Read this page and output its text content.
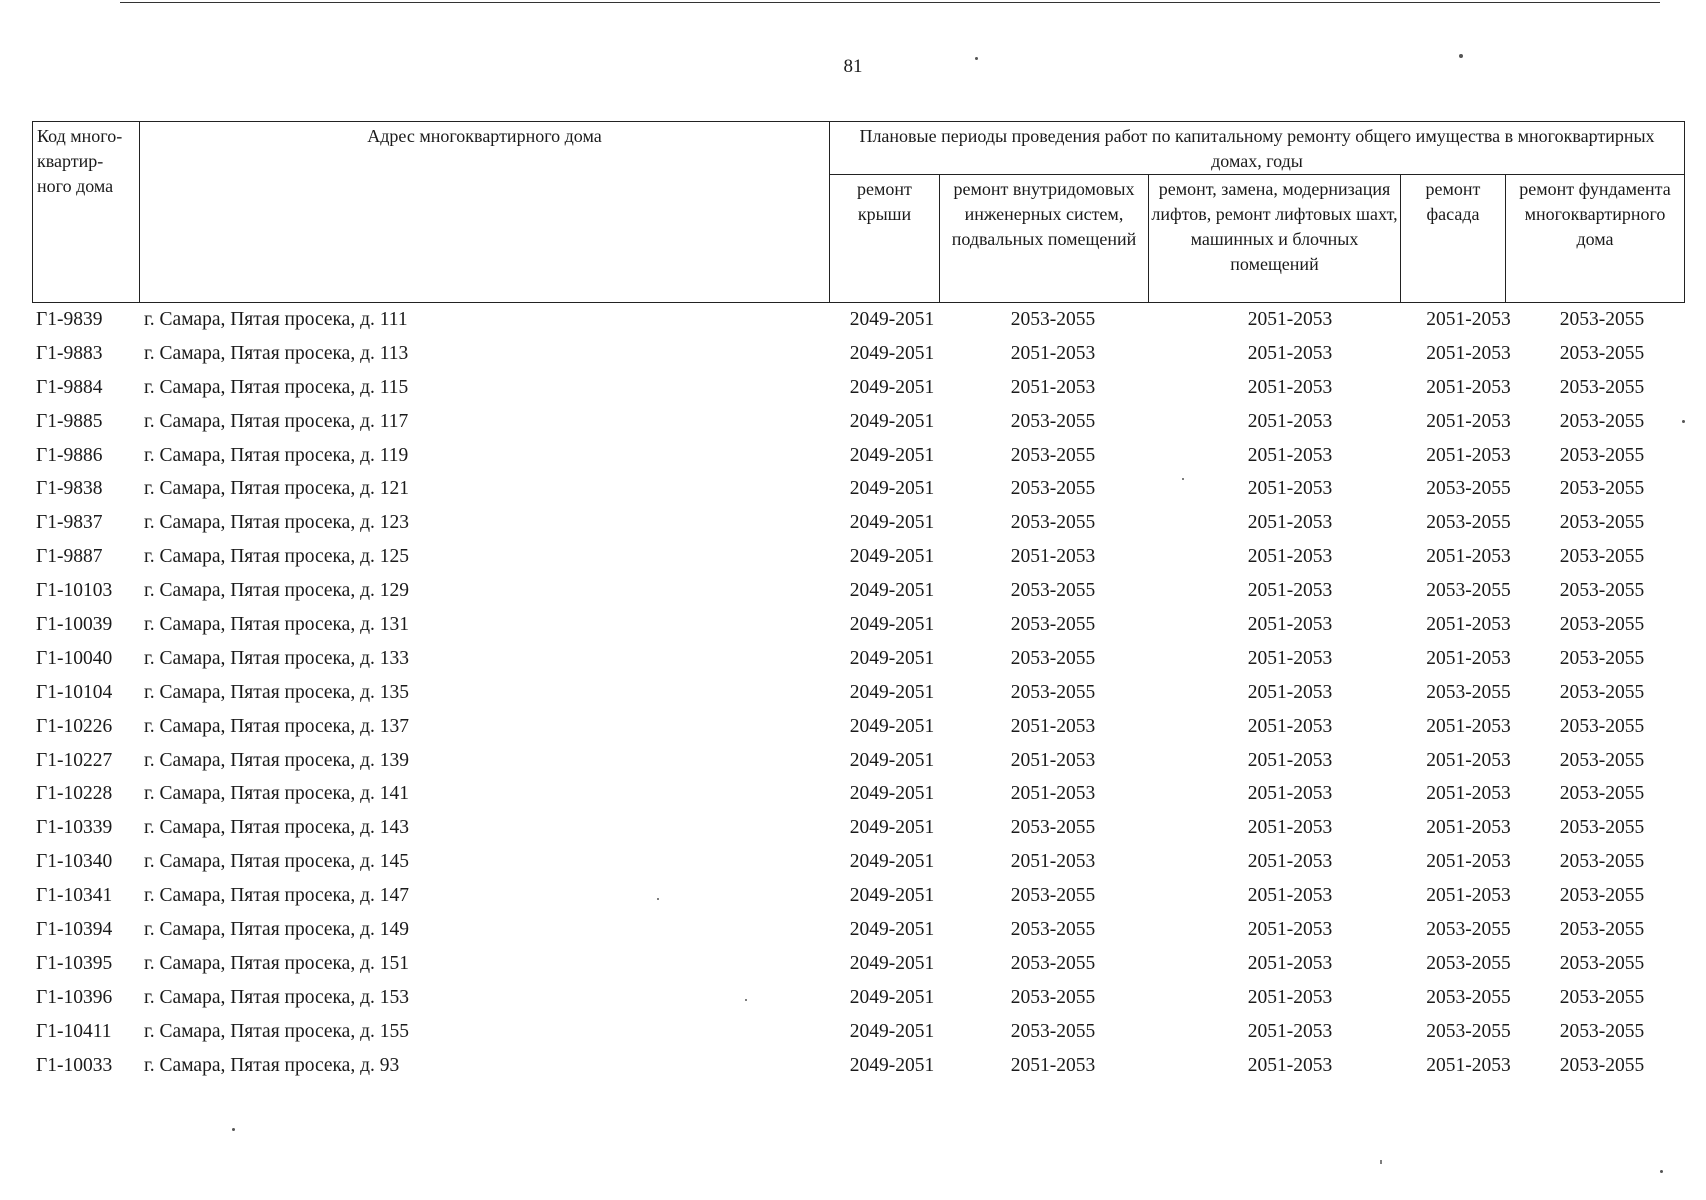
81
Код много-квартир-ного дома	Адрес многоквартирного дома	Плановые периоды проведения работ по капитальному ремонту общего имущества в многоквартирных домах, годы				
		ремонт крыши	ремонт внутридомовых инженерных систем, подвальных помещений	ремонт, замена, модернизация лифтов, ремонт лифтовых шахт, машинных и блочных помещений	ремонт фасада	ремонт фундамента многоквартирного дома
Г1-9839 г. Самара, Пятая просека, д. 111	2049-2051	2053-2055	2051-2053	2051-2053	2053-2055
Г1-9883 г. Самара, Пятая просека, д. 113	2049-2051	2051-2053	2051-2053	2051-2053	2053-2055
Г1-9884 г. Самара, Пятая просека, д. 115	2049-2051	2051-2053	2051-2053	2051-2053	2053-2055
Г1-9885 г. Самара, Пятая просека, д. 117	2049-2051	2053-2055	2051-2053	2051-2053	2053-2055
Г1-9886 г. Самара, Пятая просека, д. 119	2049-2051	2053-2055	2051-2053	2051-2053	2053-2055
Г1-9838 г. Самара, Пятая просека, д. 121	2049-2051	2053-2055	2051-2053	2053-2055	2053-2055
Г1-9837 г. Самара, Пятая просека, д. 123	2049-2051	2053-2055	2051-2053	2053-2055	2053-2055
Г1-9887 г. Самара, Пятая просека, д. 125	2049-2051	2051-2053	2051-2053	2051-2053	2053-2055
Г1-10103 г. Самара, Пятая просека, д. 129	2049-2051	2053-2055	2051-2053	2053-2055	2053-2055
Г1-10039 г. Самара, Пятая просека, д. 131	2049-2051	2053-2055	2051-2053	2051-2053	2053-2055
Г1-10040 г. Самара, Пятая просека, д. 133	2049-2051	2053-2055	2051-2053	2051-2053	2053-2055
Г1-10104 г. Самара, Пятая просека, д. 135	2049-2051	2053-2055	2051-2053	2053-2055	2053-2055
Г1-10226 г. Самара, Пятая просека, д. 137	2049-2051	2051-2053	2051-2053	2051-2053	2053-2055
Г1-10227 г. Самара, Пятая просека, д. 139	2049-2051	2051-2053	2051-2053	2051-2053	2053-2055
Г1-10228 г. Самара, Пятая просека, д. 141	2049-2051	2051-2053	2051-2053	2051-2053	2053-2055
Г1-10339 г. Самара, Пятая просека, д. 143	2049-2051	2053-2055	2051-2053	2051-2053	2053-2055
Г1-10340 г. Самара, Пятая просека, д. 145	2049-2051	2051-2053	2051-2053	2051-2053	2053-2055
Г1-10341 г. Самара, Пятая просека, д. 147	2049-2051	2053-2055	2051-2053	2051-2053	2053-2055
Г1-10394 г. Самара, Пятая просека, д. 149	2049-2051	2053-2055	2051-2053	2053-2055	2053-2055
Г1-10395 г. Самара, Пятая просека, д. 151	2049-2051	2053-2055	2051-2053	2053-2055	2053-2055
Г1-10396 г. Самара, Пятая просека, д. 153	2049-2051	2053-2055	2051-2053	2053-2055	2053-2055
Г1-10411 г. Самара, Пятая просека, д. 155	2049-2051	2053-2055	2051-2053	2053-2055	2053-2055
Г1-10033 г. Самара, Пятая просека, д. 93	2049-2051	2051-2053	2051-2053	2051-2053	2053-2055
